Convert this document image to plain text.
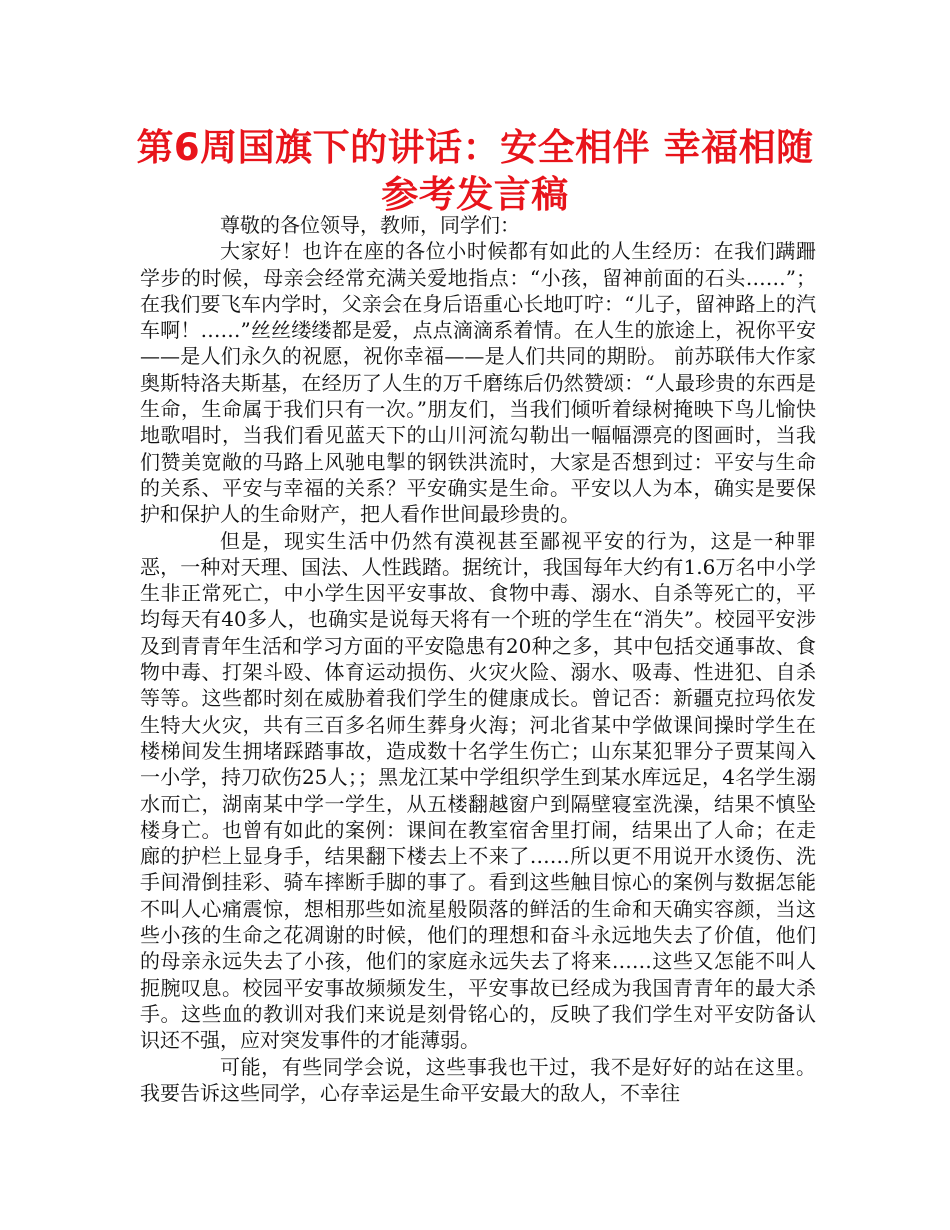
第6周国旗下的讲话：安全相伴 幸福相随
参考发言稿

尊敬的各位领导，教师，同学们：

大家好！也许在座的各位小时候都有如此的人生经历：在我们蹒跚学步的时候，母亲会经常充满关爱地指点：“小孩，留神前面的石头……”；在我们要飞车内学时，父亲会在身后语重心长地叮咛：“儿子，留神路上的汽车啊！……”丝丝缕缕都是爱，点点滴滴系着情。在人生的旅途上，祝你平安——是人们永久的祝愿，祝你幸福——是人们共同的期盼。 前苏联伟大作家奥斯特洛夫斯基，在经历了人生的万千磨练后仍然赞颂：“人最珍贵的东西是生命，生命属于我们只有一次。”朋友们，当我们倾听着绿树掩映下鸟儿愉快地歌唱时，当我们看见蓝天下的山川河流勾勒出一幅幅漂亮的图画时，当我们赞美宽敞的马路上风驰电掣的钢铁洪流时，大家是否想到过：平安与生命的关系、平安与幸福的关系？平安确实是生命。平安以人为本，确实是要保护和保护人的生命财产，把人看作世间最珍贵的。

但是，现实生活中仍然有漠视甚至鄙视平安的行为，这是一种罪恶，一种对天理、国法、人性践踏。据统计，我国每年大约有1.6万名中小学生非正常死亡，中小学生因平安事故、食物中毒、溺水、自杀等死亡的，平均每天有40多人，也确实是说每天将有一个班的学生在“消失”。校园平安涉及到青青年生活和学习方面的平安隐患有20种之多，其中包括交通事故、食物中毒、打架斗殴、体育运动损伤、火灾火险、溺水、吸毒、性进犯、自杀等等。这些都时刻在威胁着我们学生的健康成长。曾记否：新疆克拉玛依发生特大火灾，共有三百多名师生葬身火海；河北省某中学做课间操时学生在楼梯间发生拥堵踩踏事故，造成数十名学生伤亡；山东某犯罪分子贾某闯入一小学，持刀砍伤25人；；黑龙江某中学组织学生到某水库远足，4名学生溺水而亡，湖南某中学一学生，从五楼翻越窗户到隔壁寝室洗澡，结果不慎坠楼身亡。也曾有如此的案例：课间在教室宿舍里打闹，结果出了人命；在走廊的护栏上显身手，结果翻下楼去上不来了……所以更不用说开水烫伤、洗手间滑倒挂彩、骑车摔断手脚的事了。看到这些触目惊心的案例与数据怎能不叫人心痛震惊，想相那些如流星般陨落的鲜活的生命和天确实容颜，当这些小孩的生命之花凋谢的时候，他们的理想和奋斗永远地失去了价值，他们的母亲永远失去了小孩，他们的家庭永远失去了将来……这些又怎能不叫人扼腕叹息。校园平安事故频频发生，平安事故已经成为我国青青年的最大杀手。这些血的教训对我们来说是刻骨铭心的，反映了我们学生对平安防备认识还不强，应对突发事件的才能薄弱。

可能，有些同学会说，这些事我也干过，我不是好好的站在这里。我要告诉这些同学，心存幸运是生命平安最大的敌人，不幸往
